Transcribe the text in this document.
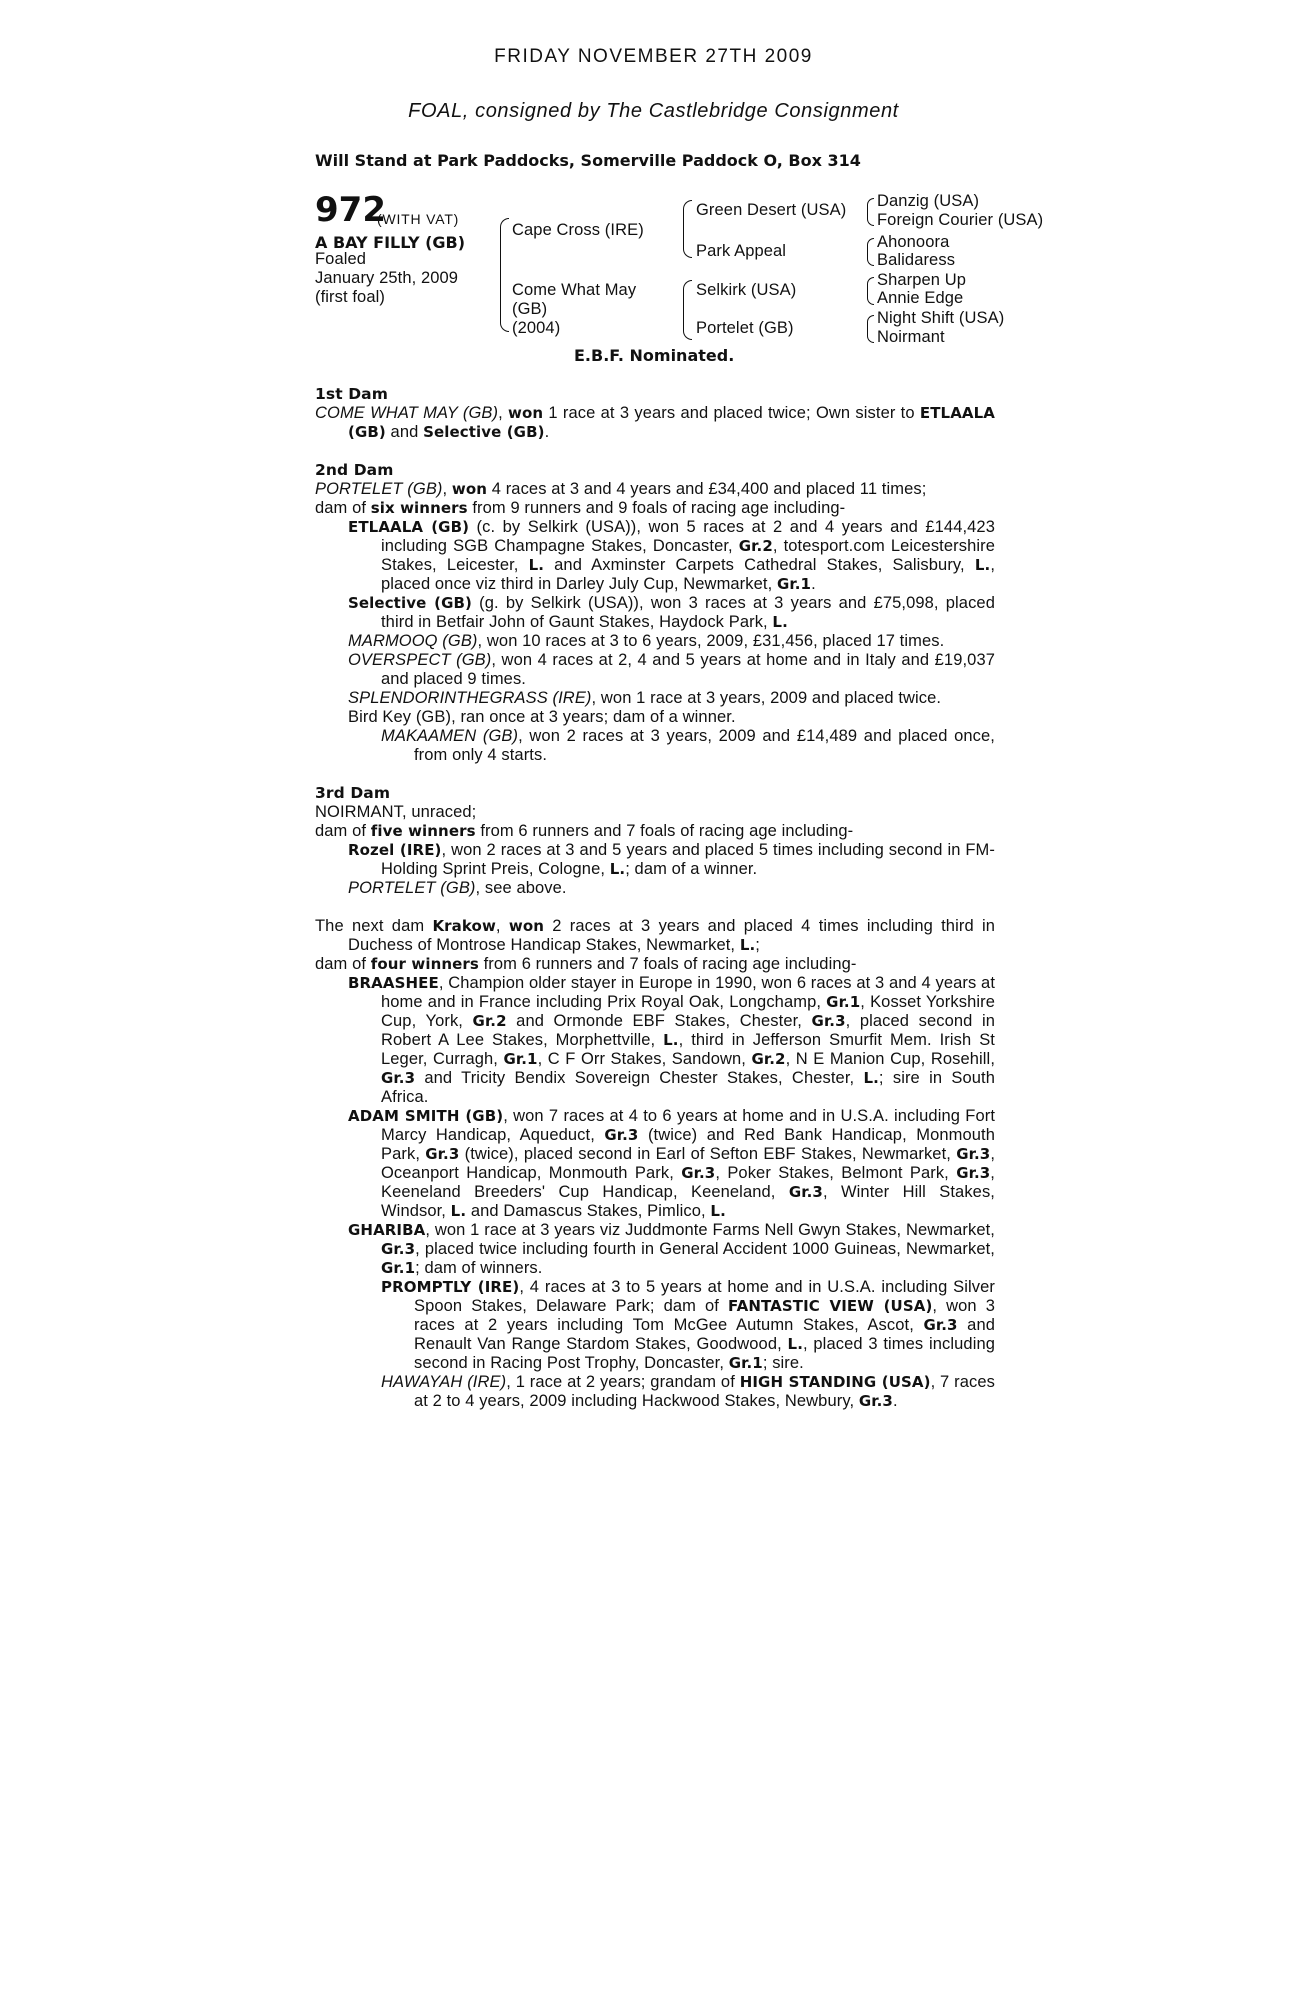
FRIDAY NOVEMBER 27TH 2009
FOAL, consigned by The Castlebridge Consignment
Will Stand at Park Paddocks, Somerville Paddock O, Box 314
972
(WITH VAT)
A BAY FILLY (GB)
Foaled
January 25th, 2009
(first foal)
Cape Cross (IRE)
Come What May
(GB)
(2004)
Green Desert (USA)
Park Appeal
Selkirk (USA)
Portelet (GB)
Danzig (USA)
Foreign Courier (USA)
Ahonoora
Balidaress
Sharpen Up
Annie Edge
Night Shift (USA)
Noirmant
E.B.F. Nominated.
1st Dam
COME WHAT MAY (GB), won 1 race at 3 years and placed twice; Own sister to ETLAALA (GB) and Selective (GB).
2nd Dam
PORTELET (GB), won 4 races at 3 and 4 years and £34,400 and placed 11 times;
dam of six winners from 9 runners and 9 foals of racing age including-
ETLAALA (GB) (c. by Selkirk (USA)), won 5 races at 2 and 4 years and £144,423 including SGB Champagne Stakes, Doncaster, Gr.2, totesport.com Leicestershire Stakes, Leicester, L. and Axminster Carpets Cathedral Stakes, Salisbury, L., placed once viz third in Darley July Cup, Newmarket, Gr.1.
Selective (GB) (g. by Selkirk (USA)), won 3 races at 3 years and £75,098, placed third in Betfair John of Gaunt Stakes, Haydock Park, L.
MARMOOQ (GB), won 10 races at 3 to 6 years, 2009, £31,456, placed 17 times.
OVERSPECT (GB), won 4 races at 2, 4 and 5 years at home and in Italy and £19,037 and placed 9 times.
SPLENDORINTHEGRASS (IRE), won 1 race at 3 years, 2009 and placed twice.
Bird Key (GB), ran once at 3 years; dam of a winner.
MAKAAMEN (GB), won 2 races at 3 years, 2009 and £14,489 and placed once, from only 4 starts.
3rd Dam
NOIRMANT, unraced;
dam of five winners from 6 runners and 7 foals of racing age including-
Rozel (IRE), won 2 races at 3 and 5 years and placed 5 times including second in FM-Holding Sprint Preis, Cologne, L.; dam of a winner.
PORTELET (GB), see above.
The next dam Krakow, won 2 races at 3 years and placed 4 times including third in Duchess of Montrose Handicap Stakes, Newmarket, L.;
dam of four winners from 6 runners and 7 foals of racing age including-
BRAASHEE, Champion older stayer in Europe in 1990, won 6 races at 3 and 4 years at home and in France including Prix Royal Oak, Longchamp, Gr.1, Kosset Yorkshire Cup, York, Gr.2 and Ormonde EBF Stakes, Chester, Gr.3, placed second in Robert A Lee Stakes, Morphettville, L., third in Jefferson Smurfit Mem. Irish St Leger, Curragh, Gr.1, C F Orr Stakes, Sandown, Gr.2, N E Manion Cup, Rosehill, Gr.3 and Tricity Bendix Sovereign Chester Stakes, Chester, L.; sire in South Africa.
ADAM SMITH (GB), won 7 races at 4 to 6 years at home and in U.S.A. including Fort Marcy Handicap, Aqueduct, Gr.3 (twice) and Red Bank Handicap, Monmouth Park, Gr.3 (twice), placed second in Earl of Sefton EBF Stakes, Newmarket, Gr.3, Oceanport Handicap, Monmouth Park, Gr.3, Poker Stakes, Belmont Park, Gr.3, Keeneland Breeders' Cup Handicap, Keeneland, Gr.3, Winter Hill Stakes, Windsor, L. and Damascus Stakes, Pimlico, L.
GHARIBA, won 1 race at 3 years viz Juddmonte Farms Nell Gwyn Stakes, Newmarket, Gr.3, placed twice including fourth in General Accident 1000 Guineas, Newmarket, Gr.1; dam of winners.
PROMPTLY (IRE), 4 races at 3 to 5 years at home and in U.S.A. including Silver Spoon Stakes, Delaware Park; dam of FANTASTIC VIEW (USA), won 3 races at 2 years including Tom McGee Autumn Stakes, Ascot, Gr.3 and Renault Van Range Stardom Stakes, Goodwood, L., placed 3 times including second in Racing Post Trophy, Doncaster, Gr.1; sire.
HAWAYAH (IRE), 1 race at 2 years; grandam of HIGH STANDING (USA), 7 races at 2 to 4 years, 2009 including Hackwood Stakes, Newbury, Gr.3.
